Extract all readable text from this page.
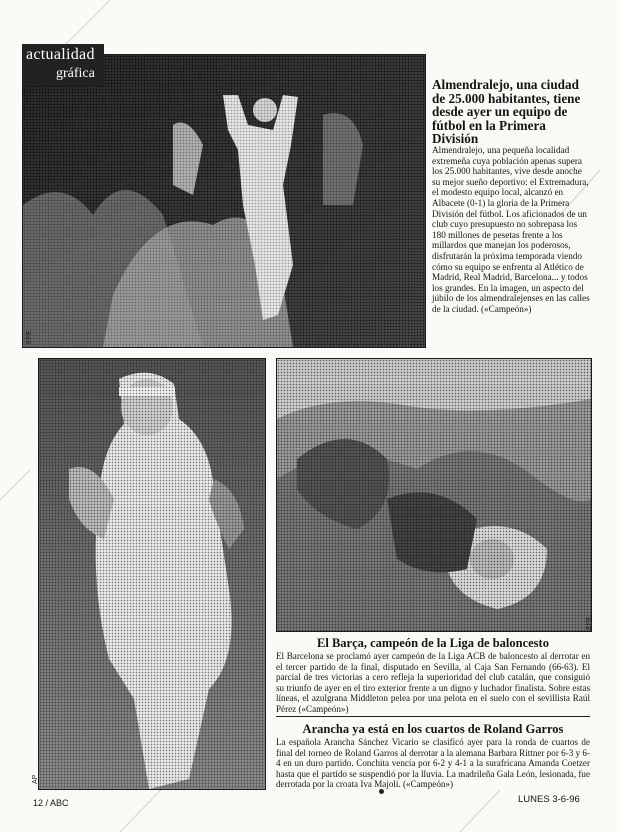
actualidad
gráfica
EFE
Almendralejo, una ciudad de 25.000 habitantes, tiene desde ayer un equipo de fútbol en la Primera División
Almendralejo, una pequeña localidad extremeña cuya población apenas supera los 25.000 habitantes, vive desde anoche su mejor sueño deportivo: el Extremadura, el modesto equipo local, alcanzó en Albacete (0-1) la gloria de la Primera División del fútbol. Los aficionados de un club cuyo presupuesto no sobrepasa los 180 millones de pesetas frente a los millardos que manejan los poderosos, disfrutarán la próxima temporada viendo cómo su equipo se enfrenta al Atlético de Madrid, Real Madrid, Barcelona... y todos los grandes. En la imagen, un aspecto del júbilo de los almendralejenses en las calles de la ciudad. («Campeón»)
AP
EFE
El Barça, campeón de la Liga de baloncesto
El Barcelona se proclamó ayer campeón de la Liga ACB de baloncesto al derrotar en el tercer partido de la final, disputado en Sevilla, al Caja San Fernando (66-63). El parcial de tres victorias a cero refleja la superioridad del club catalán, que consiguió su triunfo de ayer en el tiro exterior frente a un digno y luchador finalista. Sobre estas líneas, el azulgrana Middleton pelea por una pelota en el suelo con el sevillista Raúl Pérez («Campeón»)
Arancha ya está en los cuartos de Roland Garros
La española Arancha Sánchez Vicario se clasificó ayer para la ronda de cuartos de final del torneo de Roland Garros al derrotar a la alemana Barbara Rittner por 6-3 y 6-4 en un duro partido. Conchita vencía por 6-2 y 4-1 a la surafricana Amanda Coetzer hasta que el partido se suspendió por la lluvia. La madrileña Gala León, lesionada, fue derrotada por la croata Iva Majoli. («Campeón»)
12 / ABC	LUNES 3-6-96
